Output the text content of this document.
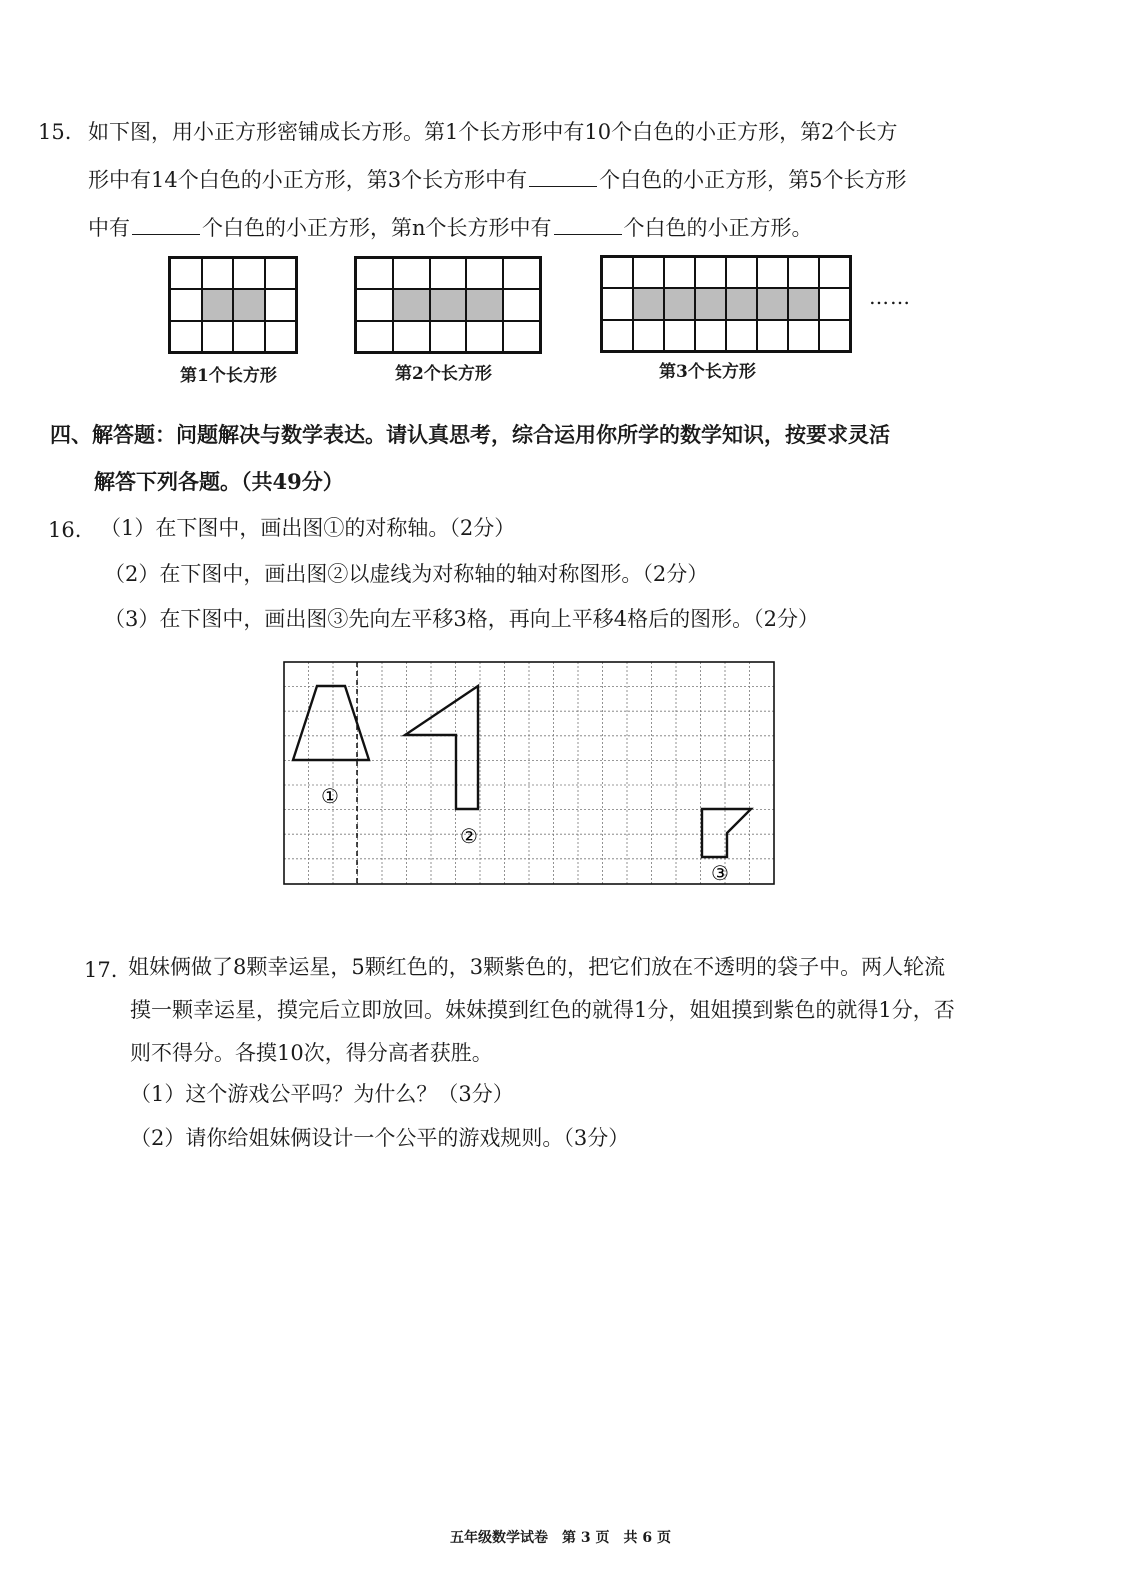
15. 如下图，用小正方形密铺成长方形。第1个长方形中有10个白色的小正方形，第2个长方
形中有14个白色的小正方形，第3个长方形中有	个白色的小正方形，第5个长方形
中有	个白色的小正方形，第n个长方形中有	个白色的小正方形。
第1个长方形	第2个长方形	第3个长方形
……
四、解答题：问题解决与数学表达。请认真思考，综合运用你所学的数学知识，按要求灵活
解答下列各题。（共49分）
16. （1）在下图中，画出图①的对称轴。（2分）
（2）在下图中，画出图②以虚线为对称轴的轴对称图形。（2分）
（3）在下图中，画出图③先向左平移3格，再向上平移4格后的图形。（2分）
①
②
③
17. 姐妹俩做了8颗幸运星，5颗红色的，3颗紫色的，把它们放在不透明的袋子中。两人轮流
摸一颗幸运星，摸完后立即放回。妹妹摸到红色的就得1分，姐姐摸到紫色的就得1分，否
则不得分。各摸10次，得分高者获胜。
（1）这个游戏公平吗？为什么？（3分）
（2）请你给姐妹俩设计一个公平的游戏规则。（3分）
五年级数学试卷　第 3 页　共 6 页
